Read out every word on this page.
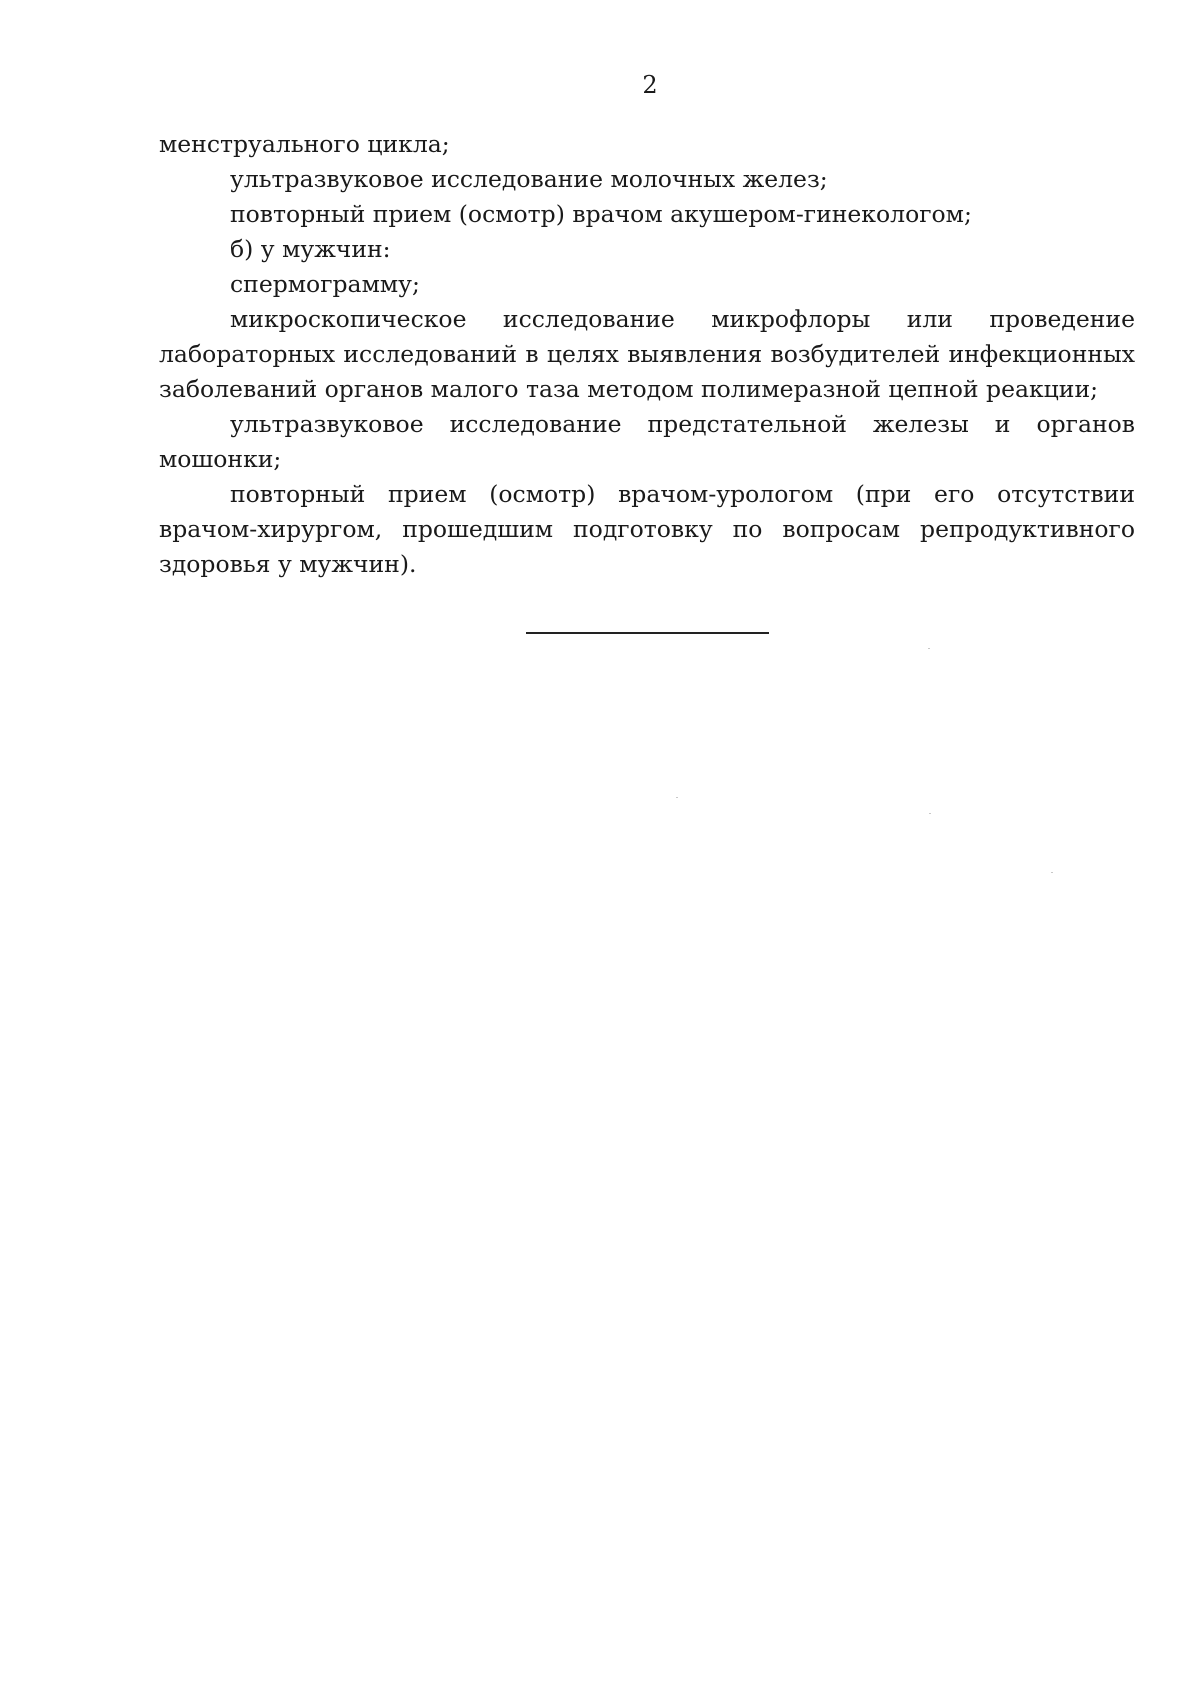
2

менструального цикла;

ультразвуковое исследование молочных желез;

повторный прием (осмотр) врачом акушером-гинекологом;

б) у мужчин:

спермограмму;

микроскопическое исследование микрофлоры или проведение лабораторных исследований в целях выявления возбудителей инфекционных заболеваний органов малого таза методом полимеразной цепной реакции;

ультразвуковое исследование предстательной железы и органов мошонки;

повторный прием (осмотр) врачом-урологом (при его отсутствии врачом-хирургом, прошедшим подготовку по вопросам репродуктивного здоровья у мужчин).
